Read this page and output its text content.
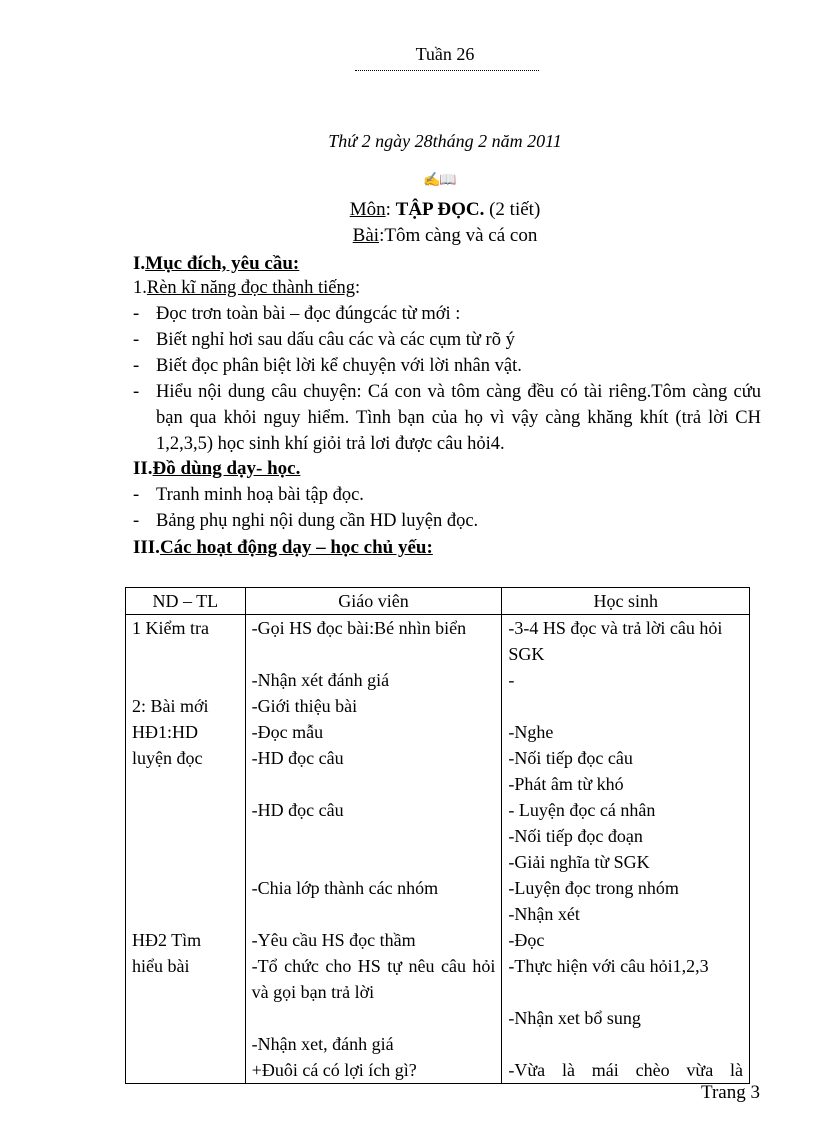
Tuần 26
Thứ 2 ngày 28tháng 2 năm 2011
✍📖
Môn: TẬP ĐỌC. (2 tiết)
Bài:Tôm càng và cá con
I.Mục đích, yêu cầu:
1.Rèn kĩ năng đọc thành tiếng:
- Đọc trơn toàn bài – đọc đúngcác từ mới :
- Biết nghỉ hơi sau dấu câu các và các cụm từ rõ ý
- Biết đọc phân biệt lời kể chuyện với lời nhân vật.
- Hiểu nội dung câu chuyện: Cá con và tôm càng đều có tài riêng.Tôm càng cứu bạn qua khỏi nguy hiểm. Tình bạn của họ vì vậy càng khăng khít (trả lời CH 1,2,3,5) học sinh khí giỏi trả lơi được câu hỏi4.
II.Đồ dùng dạy- học.
- Tranh minh hoạ bài tập đọc.
- Bảng phụ nghi nội dung cần HD luyện đọc.
III.Các hoạt động dạy – học chủ yếu:
ND – TL	Giáo viên	Học sinh
1 Kiểm tra	-Gọi HS đọc bài:Bé nhìn biển	-3-4 HS đọc và trả lời câu hỏi SGK
	-Nhận xét đánh giá	-
2: Bài mới	-Giới thiệu bài	
HĐ1:HD	-Đọc mẫu	-Nghe
luyện đọc	-HD đọc câu	-Nối tiếp đọc câu
		-Phát âm từ khó
	-HD đọc câu	- Luyện đọc cá nhân
		-Nối tiếp đọc đoạn
		-Giải nghĩa từ SGK
	-Chia lớp thành các nhóm	-Luyện đọc trong nhóm
		-Nhận xét
HĐ2 Tìm	-Yêu cầu HS đọc thầm	-Đọc
hiểu bài	-Tổ chức cho HS tự nêu câu hỏi và gọi bạn trả lời	-Thực hiện với câu hỏi1,2,3
		-Nhận xet bổ sung
	-Nhận xet, đánh giá	
	+Đuôi cá có lợi ích gì?	-Vừa là mái chèo vừa là
Trang 3
